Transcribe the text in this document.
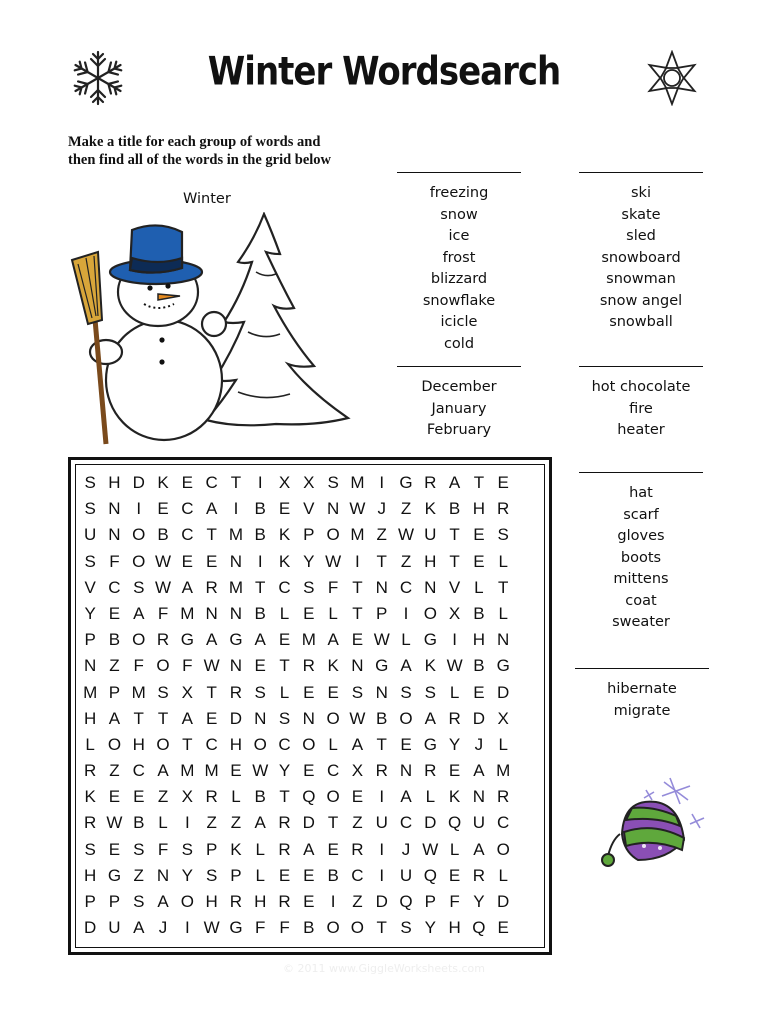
Winter Wordsearch
Make a title for each group of words and
then find all of the words in the grid below
Winter	freezing
snow
ice
frost
blizzard
snowflake
icicle
cold
ski
skate
sled
snowboard
snowman
snow angel
snowball
December
January
February
hot chocolate
fire
heater
hat
scarf
gloves
boots
mittens
coat
sweater
hibernate
migrate
S H D K E C T I X X S M I G R A T E
S N I E C A I B E V N W J Z K B H R
U N O B C T M B K P O M Z W U T E S
S F O W E E N I K Y W I T Z H T E L
V C S W A R M T C S F T N C N V L T
Y E A F M N N B L E L T P I O X B L
P B O R G A G A E M A E W L G I H N
N Z F O F W N E T R K N G A K W B G
M P M S X T R S L E E S N S S L E D
H A T T A E D N S N O W B O A R D X
L O H O T C H O C O L A T E G Y J L
R Z C A M M E W Y E C X R N R E A M
K E E Z X R L B T Q O E I A L K N R
R W B L	I Z Z A R D T Z U C D Q U C
S E S F S P K L R A E R I	J W L A O
H G Z N Y S P L E E B C I U Q E R L
P P S A O H R H R E I Z D Q P F Y D
D U A J	I W G F F B O O T S Y H Q E
© 2011 www.GiggleWorksheets.com
